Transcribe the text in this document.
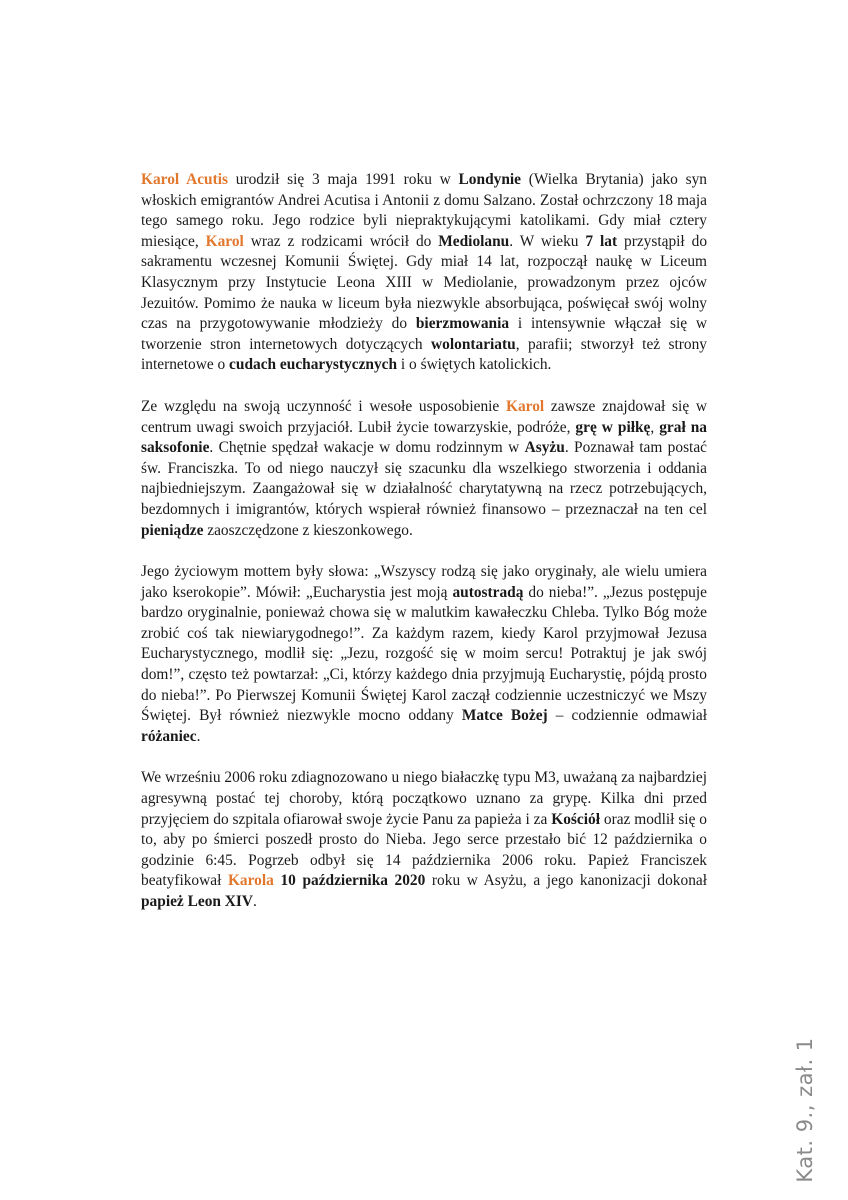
Karol Acutis urodził się 3 maja 1991 roku w Londynie (Wielka Brytania) jako syn włoskich emigrantów Andrei Acutisa i Antonii z domu Salzano. Został ochrzczony 18 maja tego samego roku. Jego rodzice byli niepraktykującymi katolikami. Gdy miał cztery miesiące, Karol wraz z rodzicami wrócił do Mediolanu. W wieku 7 lat przystąpił do sakramentu wczesnej Komunii Świętej. Gdy miał 14 lat, rozpoczął naukę w Liceum Klasycznym przy Instytucie Leona XIII w Mediolanie, prowadzonym przez ojców Jezuitów. Pomimo że nauka w liceum była niezwykle absorbująca, poświęcał swój wolny czas na przygotowywanie młodzieży do bierzmowania i intensywnie włączał się w tworzenie stron internetowych dotyczących wolontariatu, parafii; stworzył też strony internetowe o cudach eucharystycznych i o świętych katolickich.

Ze względu na swoją uczynność i wesołe usposobienie Karol zawsze znajdował się w centrum uwagi swoich przyjaciół. Lubił życie towarzyskie, podróże, grę w piłkę, grał na saksofonie. Chętnie spędzał wakacje w domu rodzinnym w Asyżu. Poznawał tam postać św. Franciszka. To od niego nauczył się szacunku dla wszelkiego stworzenia i oddania najbiedniejszym. Zaangażował się w działalność charytatywną na rzecz potrzebujących, bezdomnych i imigrantów, których wspierał również finansowo – przeznaczał na ten cel pieniądze zaoszczędzone z kieszonkowego.

Jego życiowym mottem były słowa: „Wszyscy rodzą się jako oryginały, ale wielu umiera jako kserokopie”. Mówił: „Eucharystia jest moją autostradą do nieba!”. „Jezus postępuje bardzo oryginalnie, ponieważ chowa się w malutkim kawałeczku Chleba. Tylko Bóg może zrobić coś tak niewiarygodnego!”. Za każdym razem, kiedy Karol przyjmował Jezusa Eucharystycznego, modlił się: „Jezu, rozgość się w moim sercu! Potraktuj je jak swój dom!”, często też powtarzał: „Ci, którzy każdego dnia przyjmują Eucharystię, pójdą prosto do nieba!”. Po Pierwszej Komunii Świętej Karol zaczął codziennie uczestniczyć we Mszy Świętej. Był również niezwykle mocno oddany Matce Bożej – codziennie odmawiał różaniec.

We wrześniu 2006 roku zdiagnozowano u niego białaczkę typu M3, uważaną za najbardziej agresywną postać tej choroby, którą początkowo uznano za grypę. Kilka dni przed przyjęciem do szpitala ofiarował swoje życie Panu za papieża i za Kościół oraz modlił się o to, aby po śmierci poszedł prosto do Nieba. Jego serce przestało bić 12 października o godzinie 6:45. Pogrzeb odbył się 14 października 2006 roku. Papież Franciszek beatyfikował Karola 10 października 2020 roku w Asyżu, a jego kanonizacji dokonał papież Leon XIV.

Kat. 9., zał. 1
